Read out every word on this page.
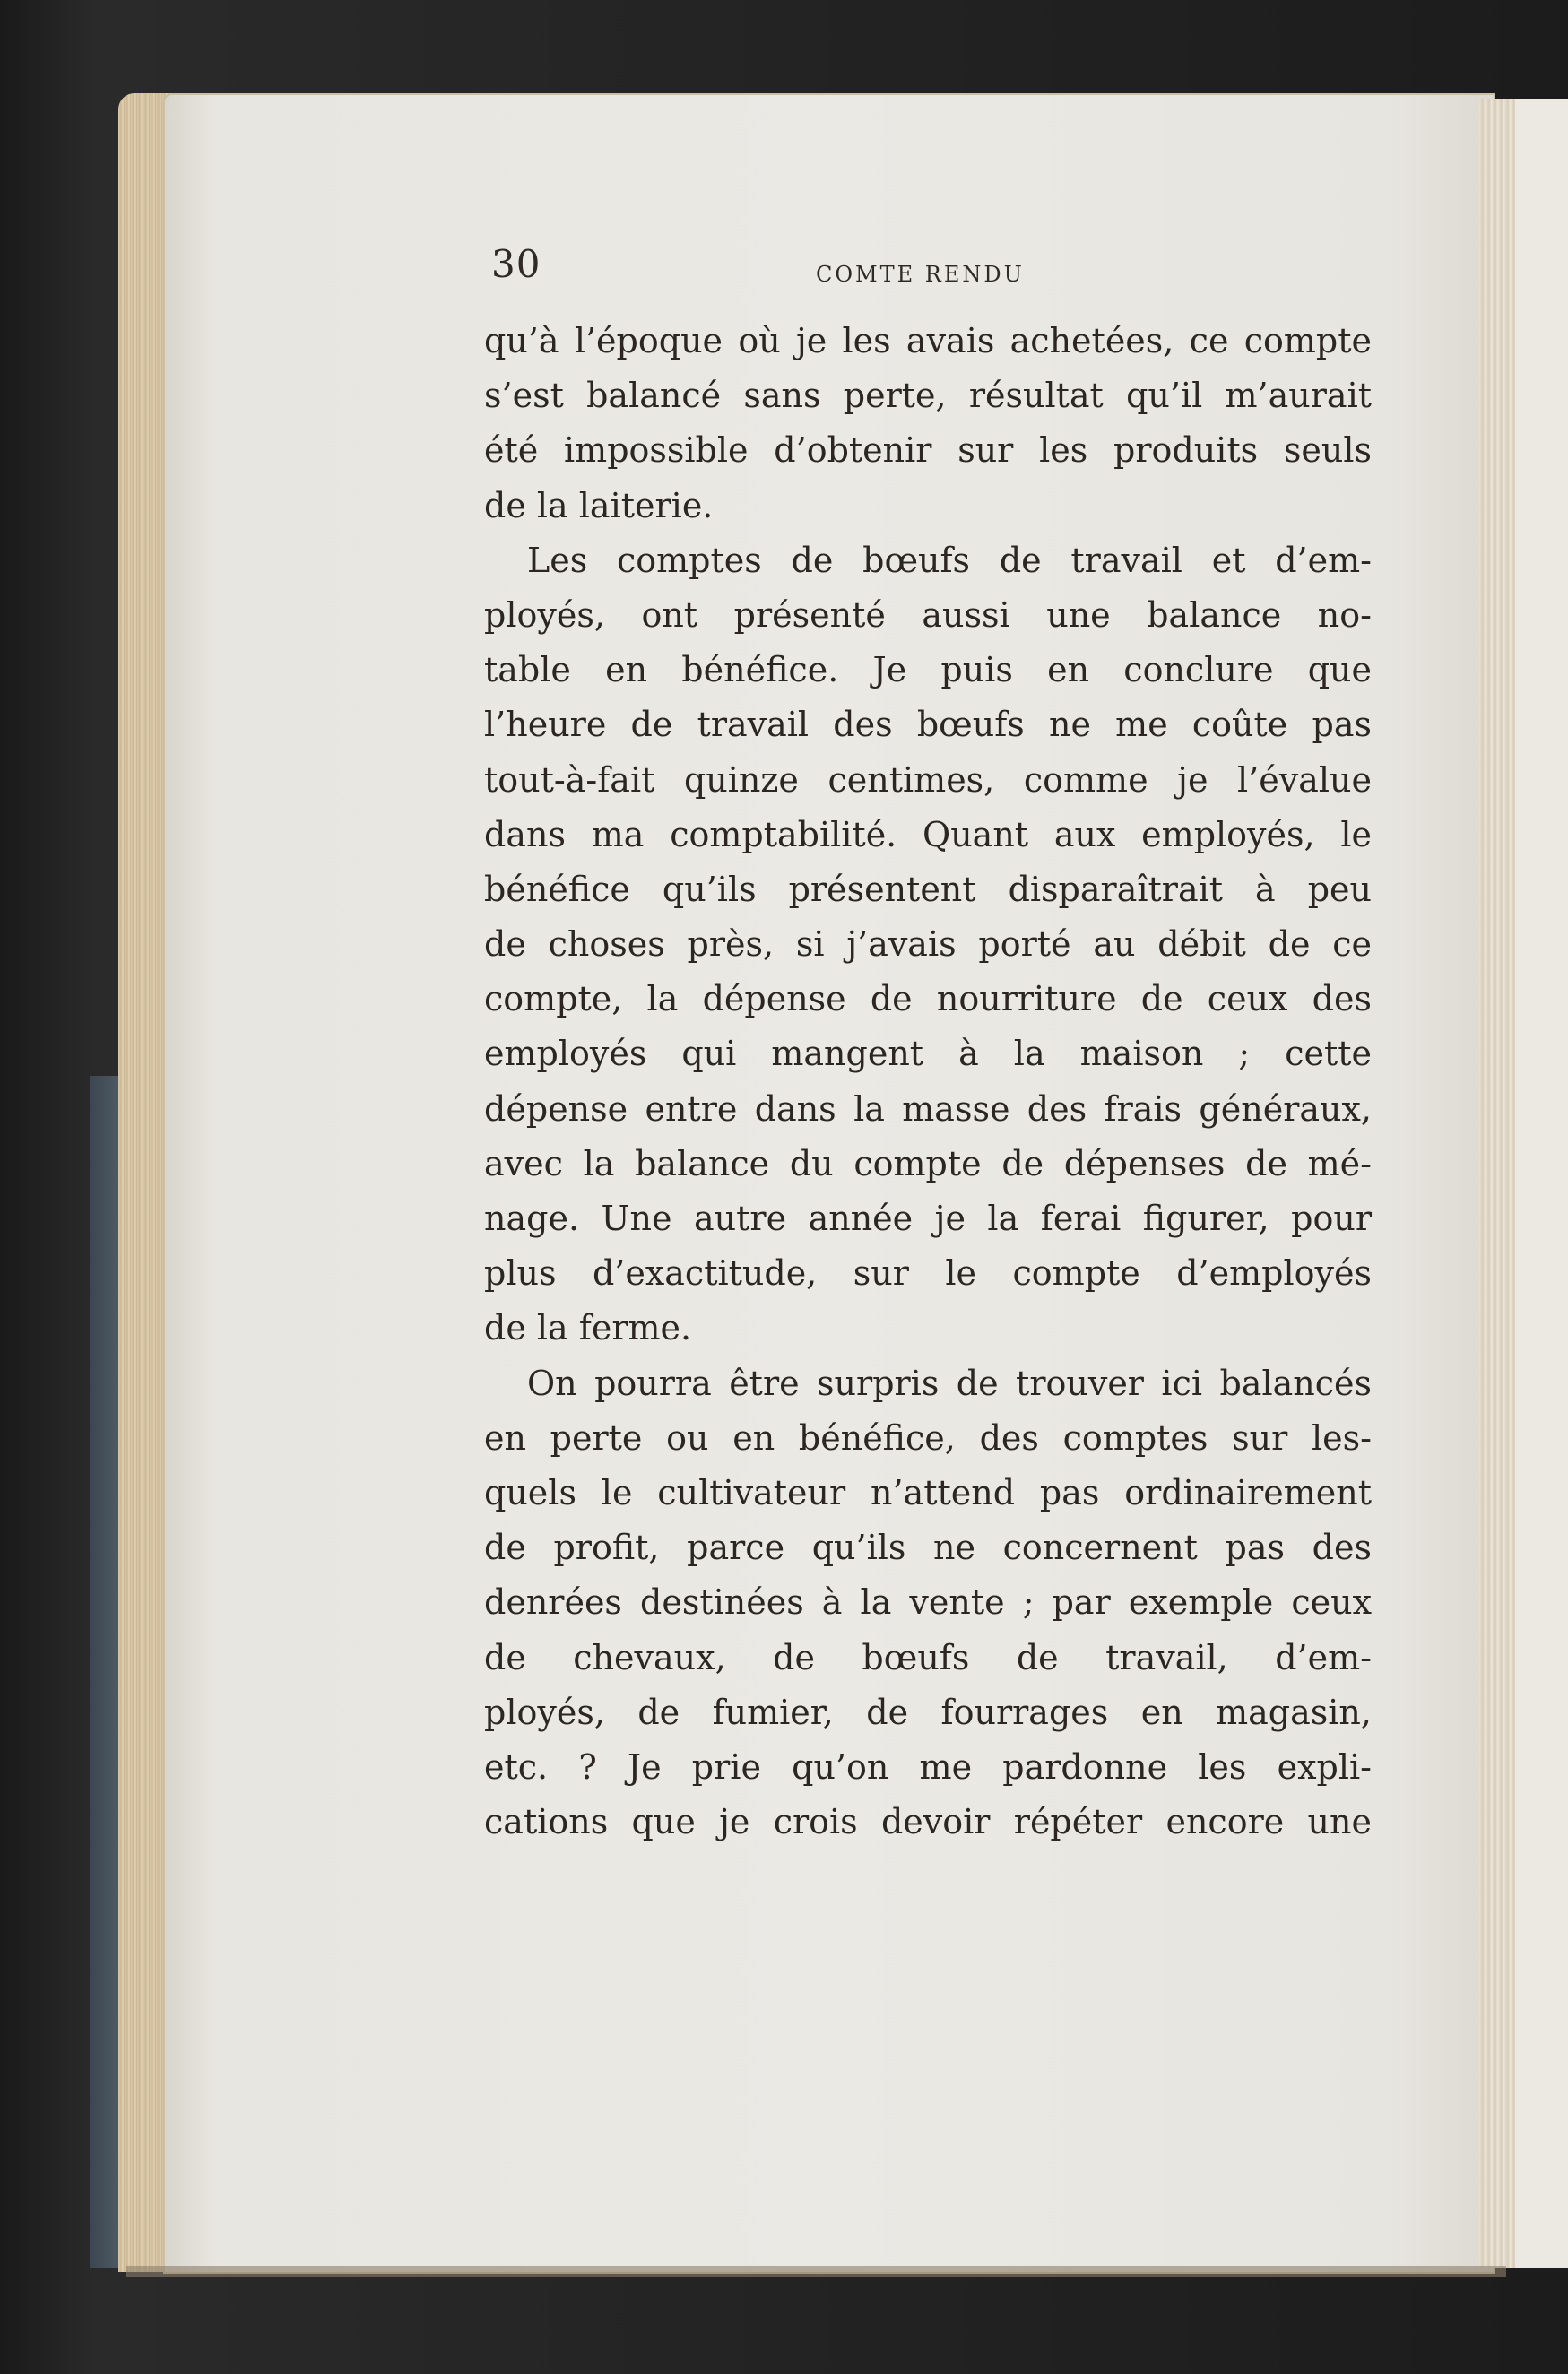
30	COMTE RENDU
qu’à l’époque où je les avais achetées, ce compte
s’est balancé sans perte, résultat qu’il m’aurait
été impossible d’obtenir sur les produits seuls
de la laiterie.
Les comptes de bœufs de travail et d’em-
ployés, ont présenté aussi une balance no-
table en bénéfice. Je puis en conclure que
l’heure de travail des bœufs ne me coûte pas
tout-à-fait quinze centimes, comme je l’évalue
dans ma comptabilité. Quant aux employés, le
bénéfice qu’ils présentent disparaîtrait à peu
de choses près, si j’avais porté au débit de ce
compte, la dépense de nourriture de ceux des
employés qui mangent à la maison ; cette
dépense entre dans la masse des frais généraux,
avec la balance du compte de dépenses de mé-
nage. Une autre année je la ferai figurer, pour
plus d’exactitude, sur le compte d’employés
de la ferme.
On pourra être surpris de trouver ici balancés
en perte ou en bénéfice, des comptes sur les-
quels le cultivateur n’attend pas ordinairement
de profit, parce qu’ils ne concernent pas des
denrées destinées à la vente ; par exemple ceux
de chevaux, de bœufs de travail, d’em-
ployés, de fumier, de fourrages en magasin,
etc. ? Je prie qu’on me pardonne les expli-
cations que je crois devoir répéter encore une
